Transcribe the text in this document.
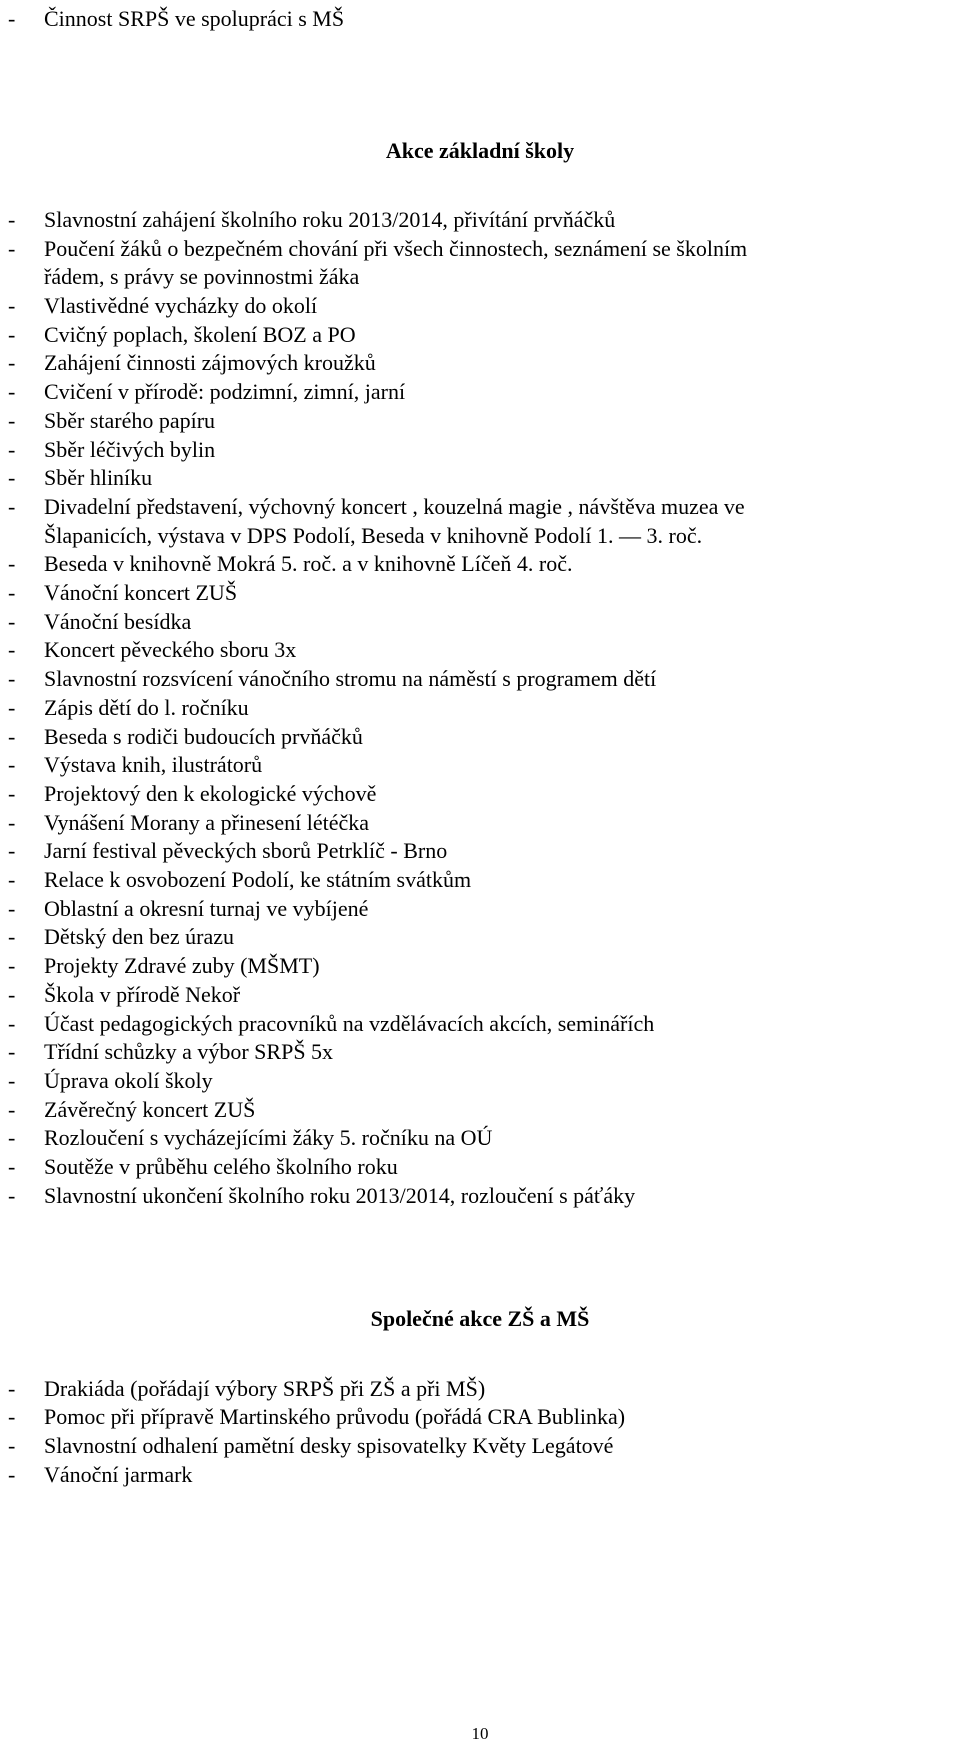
- Činnost SRPŠ ve spolupráci s MŠ
Akce základní školy
- Slavnostní zahájení školního roku 2013/2014, přivítání prvňáčků
- Poučení žáků o bezpečném chování při všech činnostech, seznámení se školním
řádem, s právy se povinnostmi žáka
- Vlastivědné vycházky do okolí
- Cvičný poplach, školení BOZ a PO
- Zahájení činnosti zájmových kroužků
- Cvičení v přírodě: podzimní, zimní, jarní
- Sběr starého papíru
- Sběr léčivých bylin
- Sběr hliníku
- Divadelní představení, výchovný koncert , kouzelná magie , návštěva muzea ve
Šlapanicích, výstava v DPS Podolí, Beseda v knihovně Podolí 1. — 3. roč.
- Beseda v knihovně Mokrá 5. roč. a v knihovně Líčeň 4. roč.
- Vánoční koncert ZUŠ
- Vánoční besídka
- Koncert pěveckého sboru 3x
- Slavnostní rozsvícení vánočního stromu na náměstí s programem dětí
- Zápis dětí do l. ročníku
- Beseda s rodiči budoucích prvňáčků
- Výstava knih, ilustrátorů
- Projektový den k ekologické výchově
- Vynášení Morany a přinesení létéčka
- Jarní festival pěveckých sborů Petrklíč - Brno
- Relace k osvobození Podolí, ke státním svátkům
- Oblastní a okresní turnaj ve vybíjené
- Dětský den bez úrazu
- Projekty Zdravé zuby (MŠMT)
- Škola v přírodě Nekoř
- Účast pedagogických pracovníků na vzdělávacích akcích, seminářích
- Třídní schůzky a výbor SRPŠ 5x
- Úprava okolí školy
- Závěrečný koncert ZUŠ
- Rozloučení s vycházejícími žáky 5. ročníku na OÚ
- Soutěže v průběhu celého školního roku
- Slavnostní ukončení školního roku 2013/2014, rozloučení s páťáky
Společné akce ZŠ a MŠ
- Drakiáda (pořádají výbory SRPŠ při ZŠ a při MŠ)
- Pomoc při přípravě Martinského průvodu (pořádá CRA Bublinka)
- Slavnostní odhalení pamětní desky spisovatelky Květy Legátové
- Vánoční jarmark
10
